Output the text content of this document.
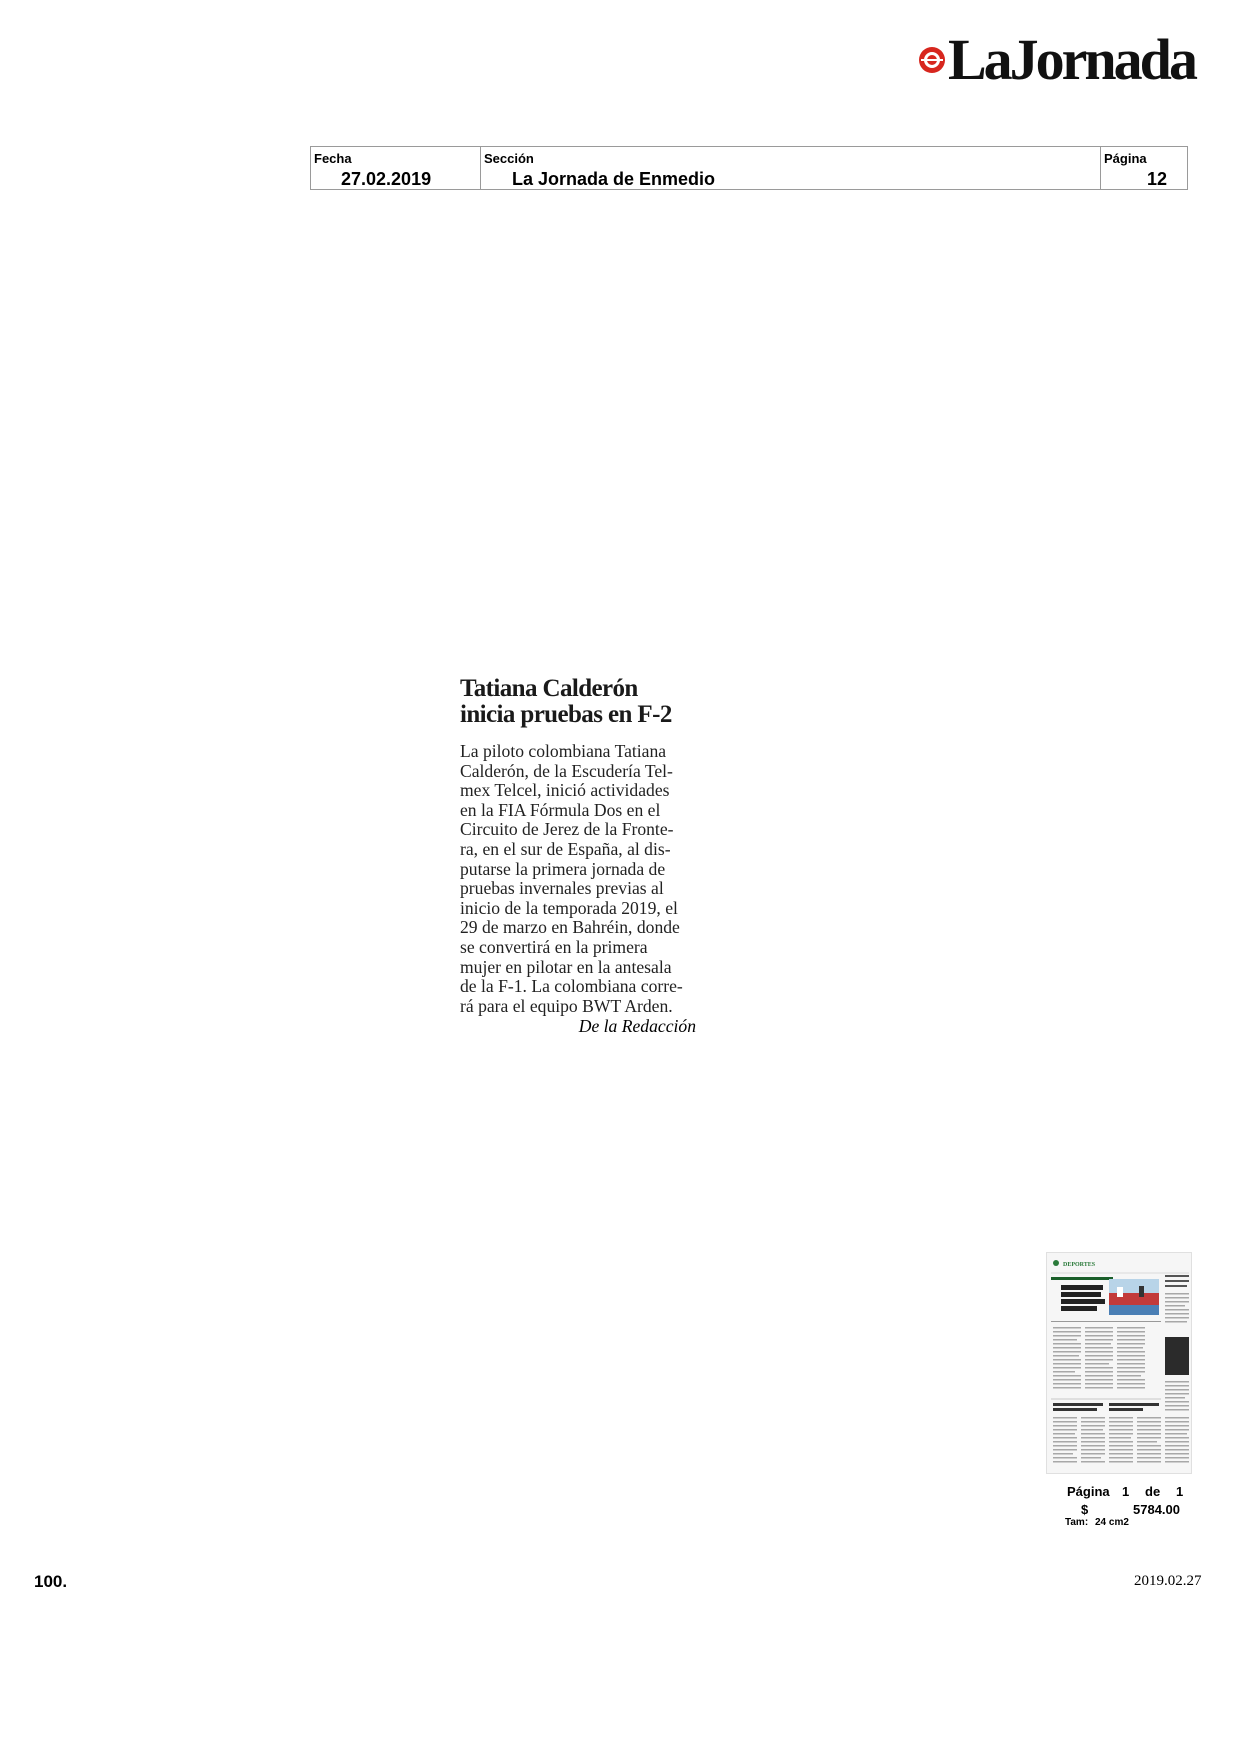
LaJornada
Fecha
27.02.2019
Sección
La Jornada de Enmedio
Página
12
Tatiana Calderón
inicia pruebas en F-2
La piloto colombiana Tatiana
Calderón, de la Escudería Tel-
mex Telcel, inició actividades
en la FIA Fórmula Dos en el
Circuito de Jerez de la Fronte-
ra, en el sur de España, al dis-
putarse la primera jornada de
pruebas invernales previas al
inicio de la temporada 2019, el
29 de marzo en Bahréin, donde
se convertirá en la primera
mujer en pilotar en la antesala
de la F-1. La colombiana corre-
rá para el equipo BWT Arden.
De la Redacción
DEPORTES
Página 1 de 1
$	5784.00
Tam: 24 cm2
100.	2019.02.27
